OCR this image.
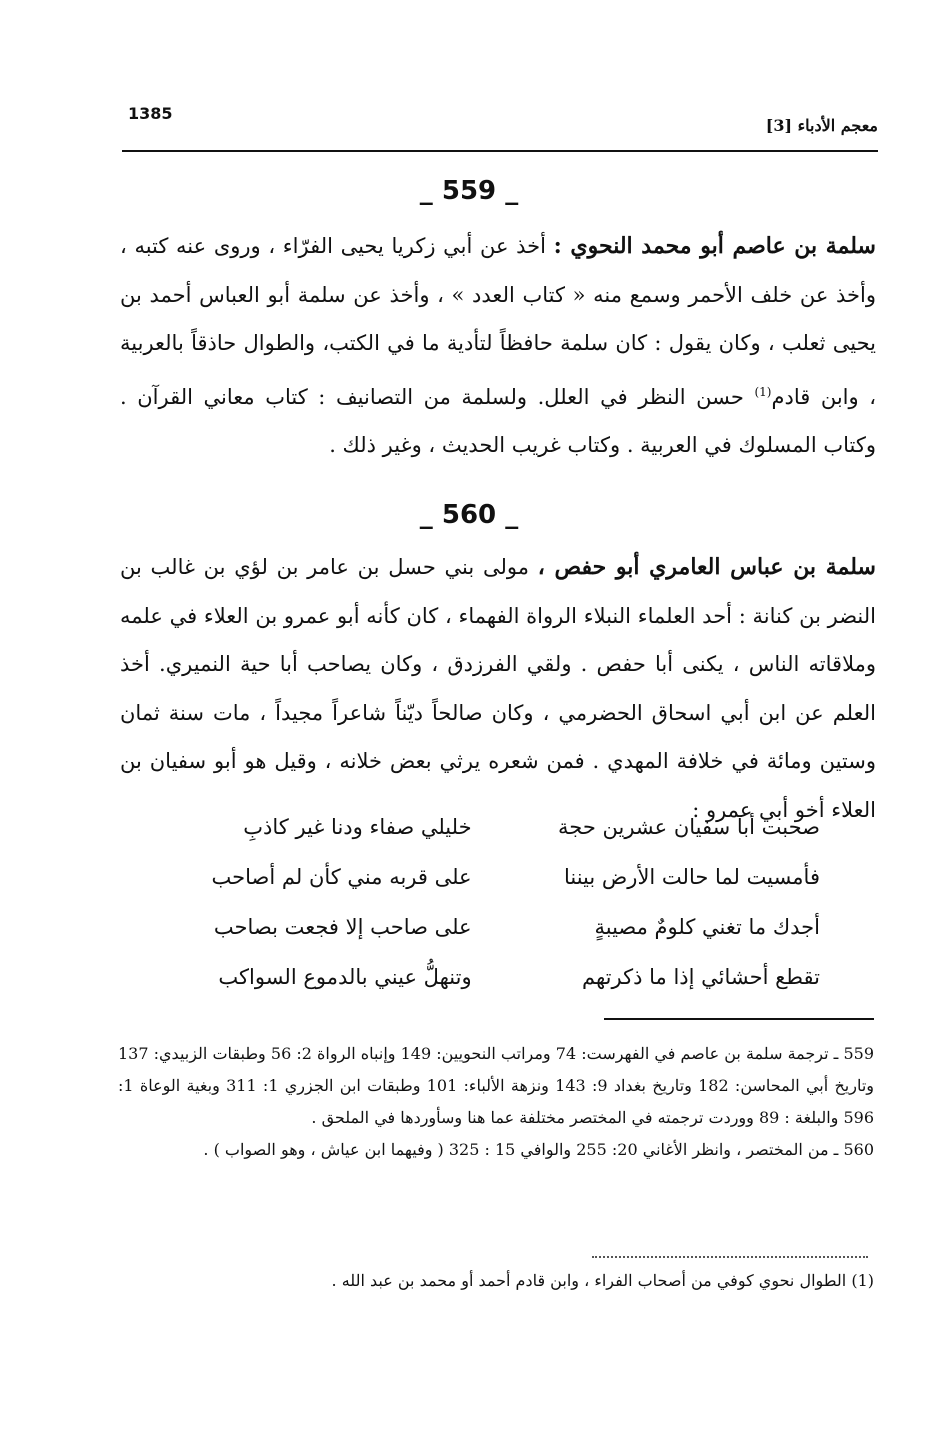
1385
معجم الأدباء [3]
_ 559 _
سلمة بن عاصم أبو محمد النحوي : أخذ عن أبي زكريا يحيى الفرّاء ، وروى عنه كتبه ، وأخذ عن خلف الأحمر وسمع منه « كتاب العدد » ، وأخذ عن سلمة أبو العباس أحمد بن يحيى ثعلب ، وكان يقول : كان سلمة حافظاً لتأدية ما في الكتب، والطوال حاذقاً بالعربية ، وابن قادم$^{(1)}$ حسن النظر في العلل. ولسلمة من التصانيف : كتاب معاني القرآن . وكتاب المسلوك في العربية . وكتاب غريب الحديث ، وغير ذلك .
_ 560 _
سلمة بن عباس العامري أبو حفص ، مولى بني حسل بن عامر بن لؤي بن غالب بن النضر بن كنانة : أحد العلماء النبلاء الرواة الفهماء ، كان كأنه أبو عمرو بن العلاء في علمه وملاقاته الناس ، يكنى أبا حفص . ولقي الفرزدق ، وكان يصاحب أبا حية النميري. أخذ العلم عن ابن أبي اسحاق الحضرمي ، وكان صالحاً ديّناً شاعراً مجيداً ، مات سنة ثمان وستين ومائة في خلافة المهدي . فمن شعره يرثي بعض خلانه ، وقيل هو أبو سفيان بن العلاء أخو أبي عمرو :
صحبت أبا سفيان عشرين حجة
خليلي صفاء ودنا غير كاذبِ
فأمسيت لما حالت الأرض بيننا
على قربه مني كأن لم أصاحب
أجدك ما تغني كلومٌ مصيبةٍ
على صاحب إلا فجعت بصاحب
تقطع أحشائي إذا ما ذكرتهم
وتنهلُّ عيني بالدموع السواكب

559 ـ ترجمة سلمة بن عاصم في الفهرست: 74 ومراتب النحويين: 149 وإنباه الرواة 2: 56 وطبقات الزبيدي: 137 وتاريخ أبي المحاسن: 182 وتاريخ بغداد 9: 143 ونزهة الألباء: 101 وطبقات ابن الجزري 1: 311 وبغية الوعاة 1: 596 والبلغة : 89 ووردت ترجمته في المختصر مختلفة عما هنا وسأوردها في الملحق .

560 ـ من المختصر ، وانظر الأغاني 20: 255 والوافي 15 : 325 ( وفيهما ابن عياش ، وهو الصواب ) .

(1) الطوال نحوي كوفي من أصحاب الفراء ، وابن قادم أحمد أو محمد بن عبد الله .
